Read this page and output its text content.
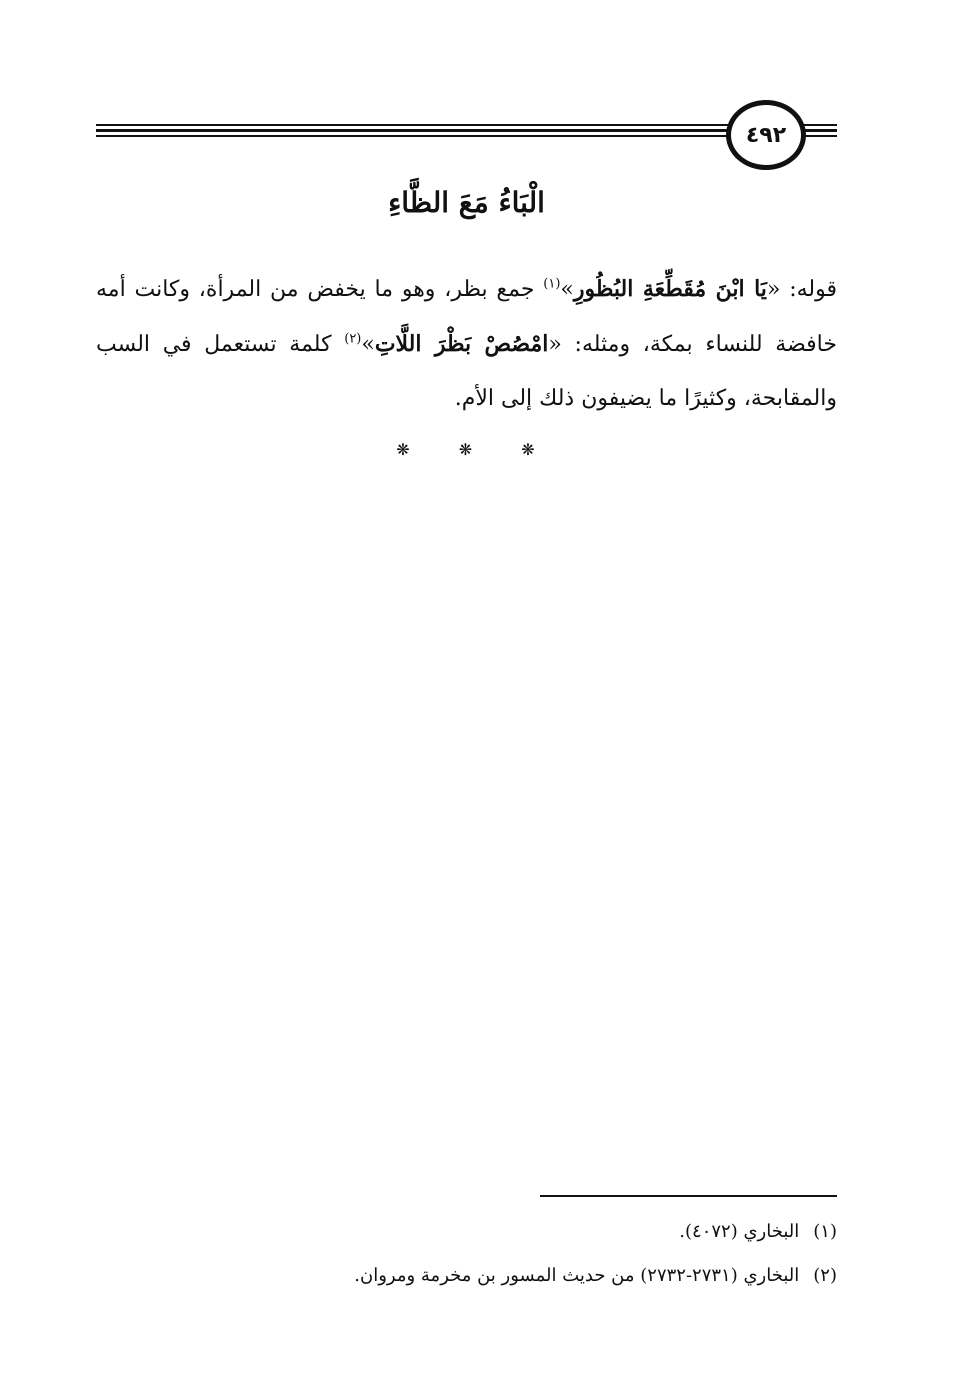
٤٩٢
الْبَاءُ مَعَ الظَّاءِ
قوله: «يَا ابْنَ مُقَطِّعَةِ البُظُورِ»$^{(١)}$ جمع بظر، وهو ما يخفض من المرأة، وكانت أمه خافضة للنساء بمكة، ومثله: «امْصُصْ بَظْرَ اللَّاتِ»$^{(٢)}$ كلمة تستعمل في السب والمقابحة، وكثيرًا ما يضيفون ذلك إلى الأم.
❋ ❋ ❋
(١)البخاري (٤٠٧٢).
(٢)البخاري (٢٧٣١-٢٧٣٢) من حديث المسور بن مخرمة ومروان.
